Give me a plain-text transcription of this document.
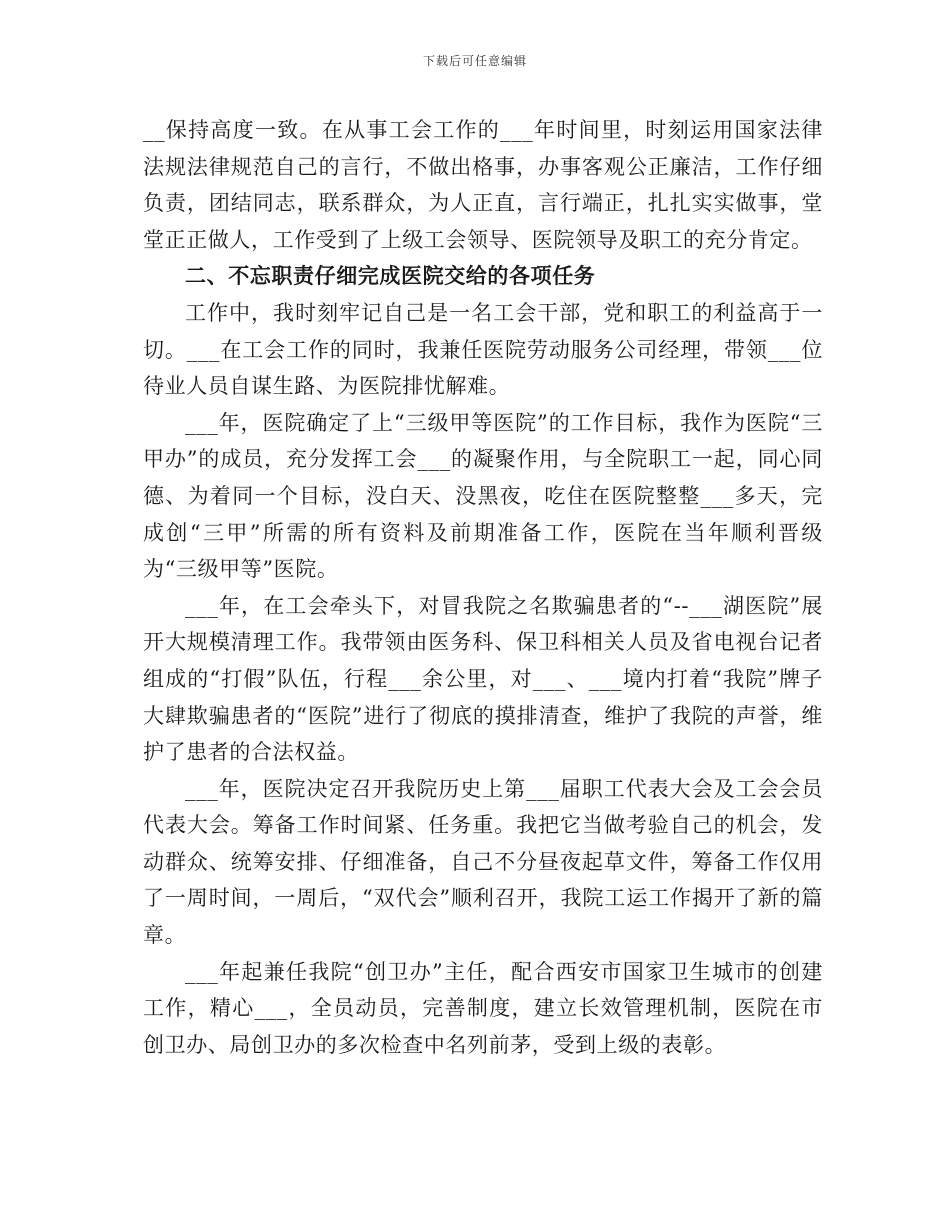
下载后可任意编辑

__保持高度一致。在从事工会工作的___年时间里，时刻运用国家法律法规法律规范自己的言行，不做出格事，办事客观公正廉洁，工作仔细负责，团结同志，联系群众，为人正直，言行端正，扎扎实实做事，堂堂正正做人，工作受到了上级工会领导、医院领导及职工的充分肯定。

二、不忘职责仔细完成医院交给的各项任务

工作中，我时刻牢记自己是一名工会干部，党和职工的利益高于一切。___在工会工作的同时，我兼任医院劳动服务公司经理，带领___位待业人员自谋生路、为医院排忧解难。

___年，医院确定了上“三级甲等医院”的工作目标，我作为医院“三甲办”的成员，充分发挥工会___的凝聚作用，与全院职工一起，同心同德、为着同一个目标，没白天、没黑夜，吃住在医院整整___多天，完成创“三甲”所需的所有资料及前期准备工作，医院在当年顺利晋级为“三级甲等”医院。

___年，在工会牵头下，对冒我院之名欺骗患者的“--___湖医院”展开大规模清理工作。我带领由医务科、保卫科相关人员及省电视台记者组成的“打假”队伍，行程___余公里，对___、___境内打着“我院”牌子大肆欺骗患者的“医院”进行了彻底的摸排清查，维护了我院的声誉，维护了患者的合法权益。

___年，医院决定召开我院历史上第___届职工代表大会及工会会员代表大会。筹备工作时间紧、任务重。我把它当做考验自己的机会，发动群众、统筹安排、仔细准备，自己不分昼夜起草文件，筹备工作仅用了一周时间，一周后，“双代会”顺利召开，我院工运工作揭开了新的篇章。

___年起兼任我院“创卫办”主任，配合西安市国家卫生城市的创建工作，精心___，全员动员，完善制度，建立长效管理机制，医院在市创卫办、局创卫办的多次检查中名列前茅，受到上级的表彰。
